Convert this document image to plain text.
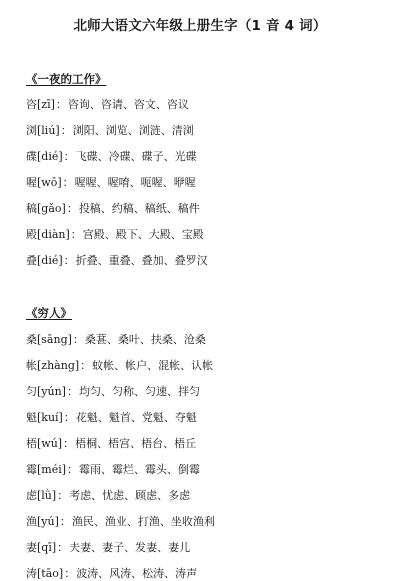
北师大语文六年级上册生字（1 音 4 词）
《一夜的工作》
咨[zī]：咨询、咨请、咨文、咨议
浏[liú]：浏阳、浏览、浏涟、清浏
碟[dié]：飞碟、冷碟、碟子、光碟
喔[wō]：喔喔、喔唷、呃喔、咿喔
稿[gǎo]：投稿、约稿、稿纸、稿件
殿[diàn]：宫殿、殿下、大殿、宝殿
叠[dié]：折叠、重叠、叠加、叠罗汉
《穷人》
桑[sāng]：桑葚、桑叶、扶桑、沧桑
帐[zhàng]：蚊帐、帐户、混帐、认帐
匀[yún]：均匀、匀称、匀速、拌匀
魁[kuí]：花魁、魁首、党魁、夺魁
梧[wú]：梧桐、梧宫、梧台、梧丘
霉[méi]：霉雨、霉烂、霉头、倒霉
虑[lǜ]：考虑、忧虑、顾虑、多虑
渔[yú]：渔民、渔业、打渔、坐收渔利
妻[qī]：夫妻、妻子、发妻、妻儿
涛[tāo]：波涛、风涛、松涛、涛声
